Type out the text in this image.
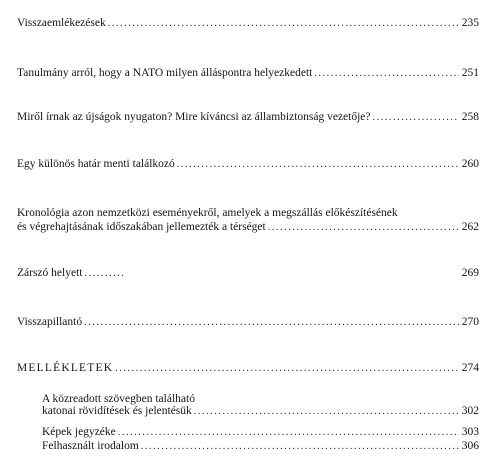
Visszaemlékezések .....	235
Tanulmány arról, hogy a NATO milyen álláspontra helyezkedett .....	251
Miről írnak az újságok nyugaton? Mire kíváncsi az állambiztonság vezetője? .....	258
Egy különös határ menti találkozó .....	260
Kronológia azon nemzetközi eseményekről, amelyek a megszállás előkészítésének
és végrehajtásának időszakában jellemezték a térséget .....	262
Zárszó helyett .....	269
Visszapillantó .....	270
MELLÉKLETEK .....	274
A közreadott szövegben található
katonai rövidítések és jelentésük .....	302
Képek jegyzéke .....	303
Felhasznált irodalom .....	306
